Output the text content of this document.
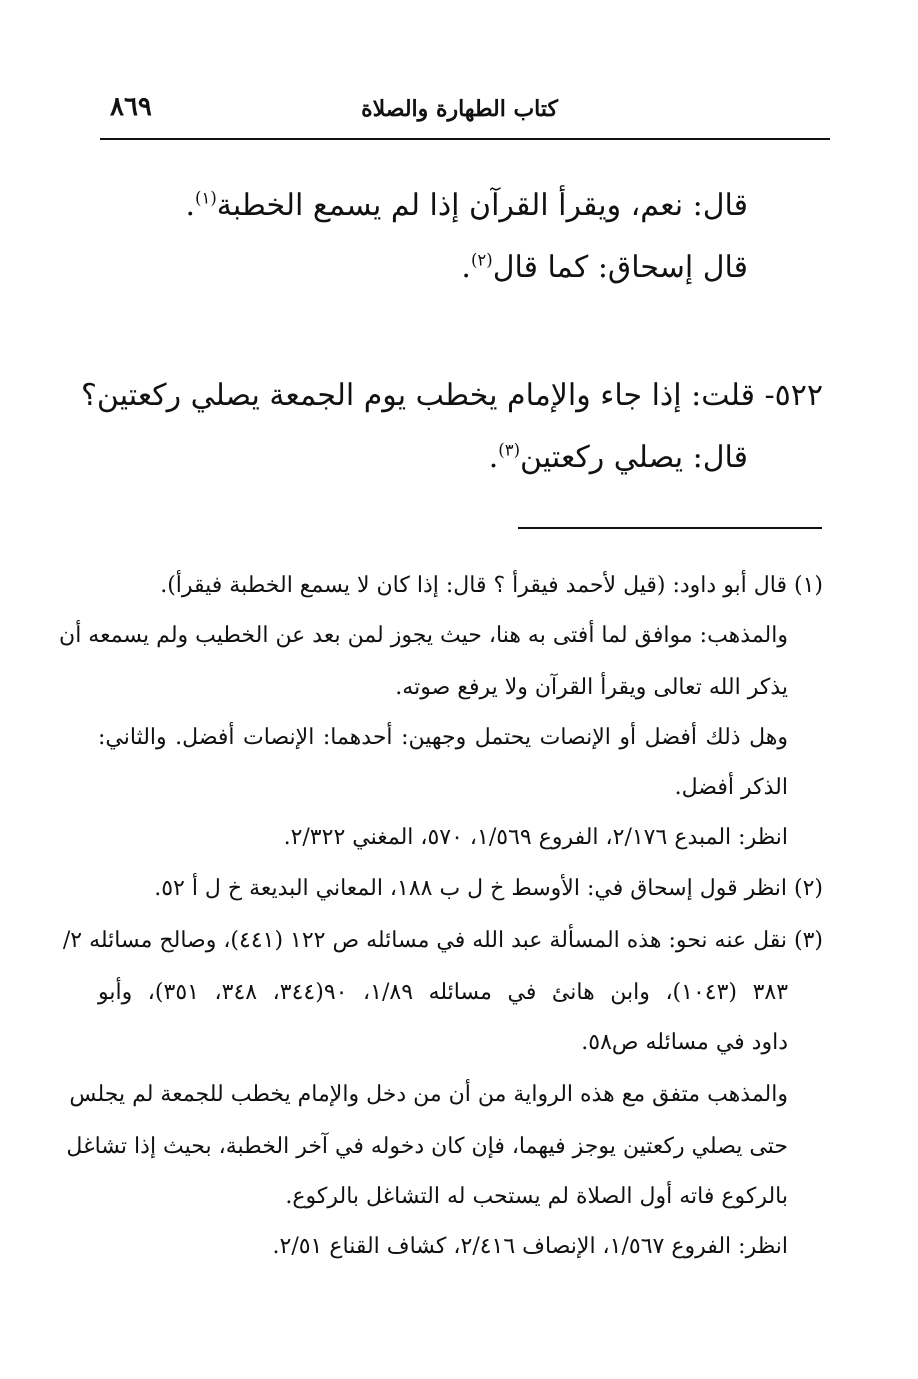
كتاب الطهارة والصلاة
٨٦٩
قال: نعم، ويقرأ القرآن إذا لم يسمع الخطبة$^{(١)}$.
قال إسحاق: كما قال$^{(٢)}$.
٥٢٢- قلت: إذا جاء والإمام يخطب يوم الجمعة يصلي ركعتين؟
قال: يصلي ركعتين$^{(٣)}$.
(١) قال أبو داود: (قيل لأحمد فيقرأ ؟ قال: إذا كان لا يسمع الخطبة فيقرأ).
والمذهب: موافق لما أفتى به هنا، حيث يجوز لمن بعد عن الخطيب ولم يسمعه أن
يذكر الله تعالى ويقرأ القرآن ولا يرفع صوته.
وهل ذلك أفضل أو الإنصات يحتمل وجهين: أحدهما: الإنصات أفضل. والثاني:
الذكر أفضل.
انظر: المبدع ٢/١٧٦، الفروع ١/٥٦٩، ٥٧٠، المغني ٢/٣٢٢.
(٢) انظر قول إسحاق في: الأوسط خ ل ب ١٨٨، المعاني البديعة خ ل أ ٥٢.
(٣) نقل عنه نحو: هذه المسألة عبد الله في مسائله ص ١٢٢ (٤٤١)، وصالح مسائله ٢/
٣٨٣ (١٠٤٣)، وابن هانئ في مسائله ١/٨٩، ٩٠(٣٤٤، ٣٤٨، ٣٥١)، وأبو
داود في مسائله ص٥٨.
والمذهب متفق مع هذه الرواية من أن من دخل والإمام يخطب للجمعة لم يجلس
حتى يصلي ركعتين يوجز فيهما، فإن كان دخوله في آخر الخطبة، بحيث إذا تشاغل
بالركوع فاته أول الصلاة لم يستحب له التشاغل بالركوع.
انظر: الفروع ١/٥٦٧، الإنصاف ٢/٤١٦، كشاف القناع ٢/٥١.
